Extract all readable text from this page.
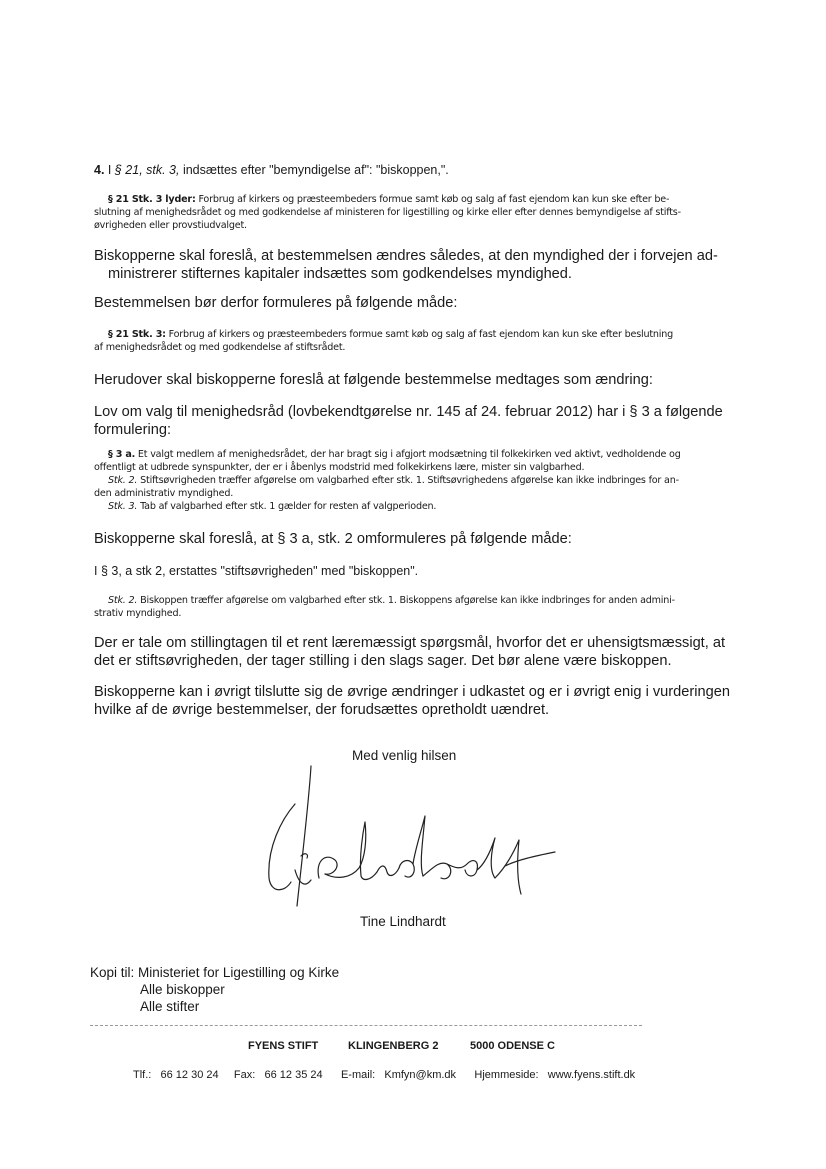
4. I § 21, stk. 3, indsættes efter "bemyndigelse af": "biskoppen,".
§ 21 Stk. 3 lyder: Forbrug af kirkers og præsteembeders formue samt køb og salg af fast ejendom kan kun ske efter be-
slutning af menighedsrådet og med godkendelse af ministeren for ligestilling og kirke eller efter dennes bemyndigelse af stifts-
øvrigheden eller provstiudvalget.
Biskopperne skal foreslå, at bestemmelsen ændres således, at den myndighed der i forvejen ad-
ministrerer stifternes kapitaler indsættes som godkendelses myndighed.
Bestemmelsen bør derfor formuleres på følgende måde:
§ 21 Stk. 3: Forbrug af kirkers og præsteembeders formue samt køb og salg af fast ejendom kan kun ske efter beslutning
af menighedsrådet og med godkendelse af stiftsrådet.
Herudover skal biskopperne foreslå at følgende bestemmelse medtages som ændring:
Lov om valg til menighedsråd (lovbekendtgørelse nr. 145 af 24. februar 2012) har i § 3 a følgende
formulering:
§ 3 a. Et valgt medlem af menighedsrådet, der har bragt sig i afgjort modsætning til folkekirken ved aktivt, vedholdende og
offentligt at udbrede synspunkter, der er i åbenlys modstrid med folkekirkens lære, mister sin valgbarhed.
Stk. 2. Stiftsøvrigheden træffer afgørelse om valgbarhed efter stk. 1. Stiftsøvrighedens afgørelse kan ikke indbringes for an-
den administrativ myndighed.
Stk. 3. Tab af valgbarhed efter stk. 1 gælder for resten af valgperioden.
Biskopperne skal foreslå, at § 3 a, stk. 2 omformuleres på følgende måde:
I § 3, a stk 2, erstattes "stiftsøvrigheden" med "biskoppen".
Stk. 2. Biskoppen træffer afgørelse om valgbarhed efter stk. 1. Biskoppens afgørelse kan ikke indbringes for anden admini-
strativ myndighed.
Der er tale om stillingtagen til et rent læremæssigt spørgsmål, hvorfor det er uhensigtsmæssigt, at
det er stiftsøvrigheden, der tager stilling i den slags sager. Det bør alene være biskoppen.
Biskopperne kan i øvrigt tilslutte sig de øvrige ændringer i udkastet og er i øvrigt enig i vurderingen
hvilke af de øvrige bestemmelser, der forudsættes opretholdt uændret.
Med venlig hilsen
Tine Lindhardt
Kopi til: Ministeriet for Ligestilling og Kirke
Alle biskopper
Alle stifter
FYENS STIFT	KLINGENBERG 2	5000 ODENSE C
Tlf.: 66 12 30 24 Fax: 66 12 35 24 E-mail: Kmfyn@km.dk Hjemmeside: www.fyens.stift.dk
